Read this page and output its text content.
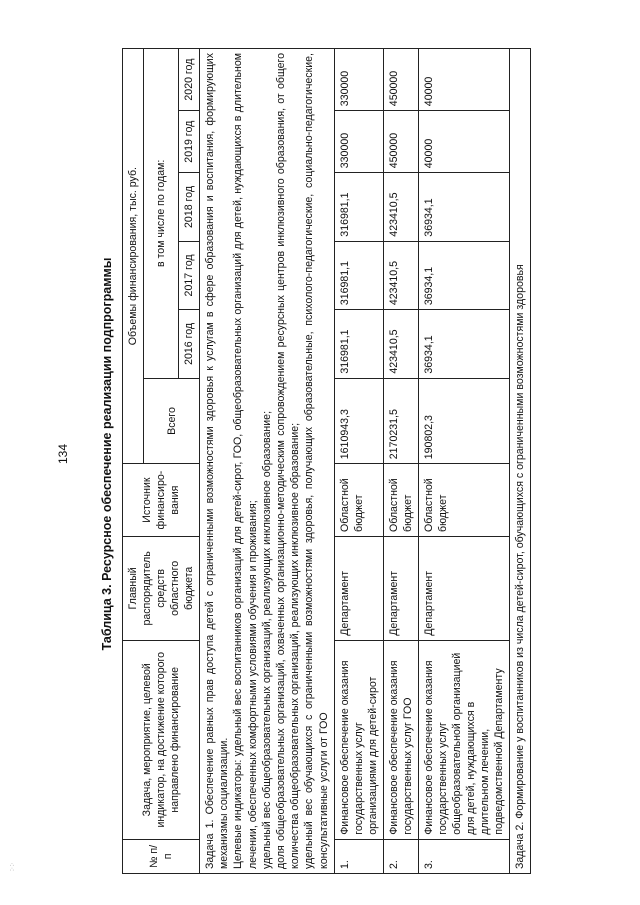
134 Таблица 3. Ресурсное обеспечение реализации подпрограммы
№ п/п	Задача, мероприятие, целевой индикатор, на достижение которого направлено финансирование	Главный распорядитель средств областного бюджета	Источник финансиро-вания	Объемы финансирования, тыс. руб.					
				Всего	в том числе по годам:				
					2016 год	2017 год	2018 год	2019 год	2020 год

Задача 1. Обеспечение равных прав доступа детей с ограниченными возможностями здоровья к услугам в сфере образования и воспитания, формирующих механизмы социализации. Целевые индикаторы: удельный вес воспитанников организаций для детей-сирот, ГОО, общеобразовательных организаций для детей, нуждающихся в длительном лечении, обеспеченных комфортными условиями обучения и проживания; удельный вес общеобразовательных организаций, реализующих инклюзивное образование; доля общеобразовательных организаций, охваченных организационно-методическим сопровождением ресурсных центров инклюзивного образования, от общего количества общеобразовательных организаций, реализующих инклюзивное образование; удельный вес обучающихся с ограниченными возможностями здоровья, получающих образовательные, психолого-педагогические, социально-педагогические, консультативные услуги от ГОО									

1.	Финансовое обеспечение оказания государственных услуг организациями для детей-сирот	Департамент	Областной бюджет	1610943,3	316981,1	316981,1	316981,1	330000	330000
2.	Финансовое обеспечение оказания государственных услуг ГОО	Департамент	Областной бюджет	2170231,5	423410,5	423410,5	423410,5	450000	450000
3.	Финансовое обеспечение оказания государственных услуг общеобразовательной организацией для детей, нуждающихся в длительном лечении, подведомственной Департаменту	Департамент	Областной бюджет	190802,3	36934,1	36934,1	36934,1	40000	40000

Задача 2. Формирование у воспитанников из числа детей-сирот, обучающихся с ограниченными возможностями здоровья									
⁖⁖
